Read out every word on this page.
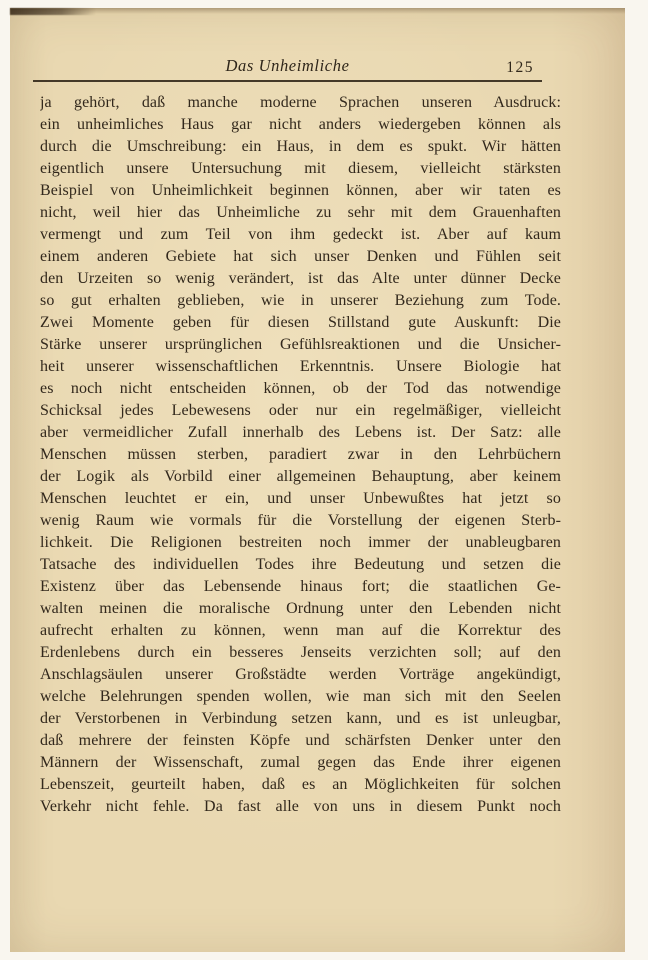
Das Unheimliche	125
ja gehört, daß manche moderne Sprachen unseren Ausdruck:
ein unheimliches Haus gar nicht anders wiedergeben können als
durch die Umschreibung: ein Haus, in dem es spukt. Wir hätten
eigentlich unsere Untersuchung mit diesem, vielleicht stärksten
Beispiel von Unheimlichkeit beginnen können, aber wir taten es
nicht, weil hier das Unheimliche zu sehr mit dem Grauenhaften
vermengt und zum Teil von ihm gedeckt ist. Aber auf kaum
einem anderen Gebiete hat sich unser Denken und Fühlen seit
den Urzeiten so wenig verändert, ist das Alte unter dünner Decke
so gut erhalten geblieben, wie in unserer Beziehung zum Tode.
Zwei Momente geben für diesen Stillstand gute Auskunft: Die
Stärke unserer ursprünglichen Gefühlsreaktionen und die Unsicher-
heit unserer wissenschaftlichen Erkenntnis. Unsere Biologie hat
es noch nicht entscheiden können, ob der Tod das notwendige
Schicksal jedes Lebewesens oder nur ein regelmäßiger, vielleicht
aber vermeidlicher Zufall innerhalb des Lebens ist. Der Satz: alle
Menschen müssen sterben, paradiert zwar in den Lehrbüchern
der Logik als Vorbild einer allgemeinen Behauptung, aber keinem
Menschen leuchtet er ein, und unser Unbewußtes hat jetzt so
wenig Raum wie vormals für die Vorstellung der eigenen Sterb-
lichkeit. Die Religionen bestreiten noch immer der unableugbaren
Tatsache des individuellen Todes ihre Bedeutung und setzen die
Existenz über das Lebensende hinaus fort; die staatlichen Ge-
walten meinen die moralische Ordnung unter den Lebenden nicht
aufrecht erhalten zu können, wenn man auf die Korrektur des
Erdenlebens durch ein besseres Jenseits verzichten soll; auf den
Anschlagsäulen unserer Großstädte werden Vorträge angekündigt,
welche Belehrungen spenden wollen, wie man sich mit den Seelen
der Verstorbenen in Verbindung setzen kann, und es ist unleugbar,
daß mehrere der feinsten Köpfe und schärfsten Denker unter den
Männern der Wissenschaft, zumal gegen das Ende ihrer eigenen
Lebenszeit, geurteilt haben, daß es an Möglichkeiten für solchen
Verkehr nicht fehle. Da fast alle von uns in diesem Punkt noch
